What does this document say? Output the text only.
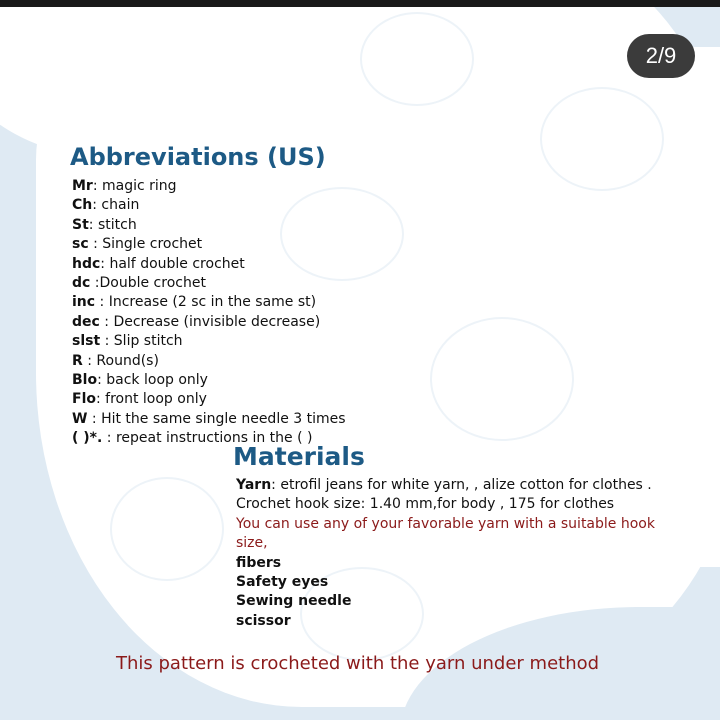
2/9
Abbreviations (US)
Mr: magic ring
Ch: chain
St: stitch
sc : Single crochet
hdc: half double crochet
dc :Double crochet
inc : Increase (2 sc in the same st)
dec : Decrease (invisible decrease)
slst : Slip stitch
R : Round(s)
Blo: back loop only
Flo: front loop only
W : Hit the same single needle 3 times
( )*. : repeat instructions in the ( )
Materials
Yarn: etrofil jeans for white yarn, , alize cotton for clothes .
Crochet hook size: 1.40 mm,for body , 175 for clothes
You can use any of your favorable yarn with a suitable hook
size,
fibers
Safety eyes
Sewing needle
scissor
This pattern is crocheted with the yarn under method
